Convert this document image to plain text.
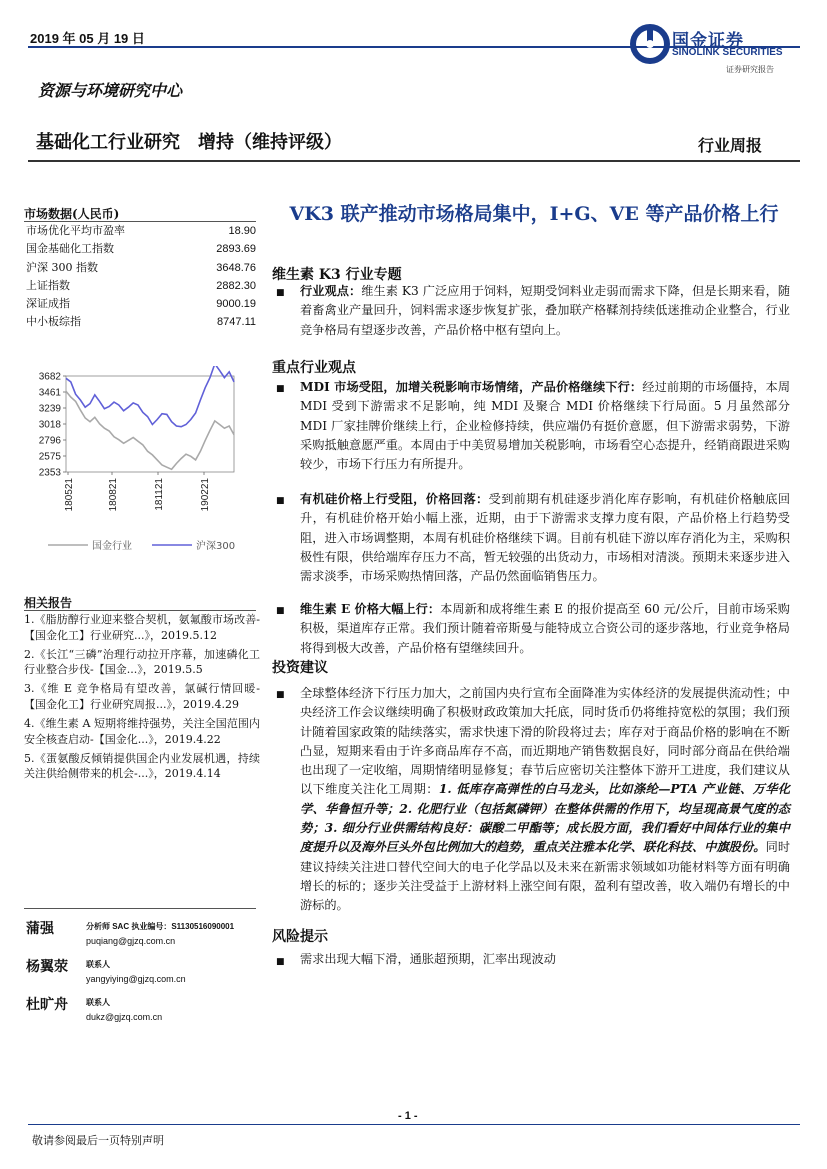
2019 年 05 月 19 日	国金证券
SINOLINK SECURITIES
证券研究报告
资源与环境研究中心
基础化工行业研究　增持（维持评级）	行业周报
市场数据(人民币)
市场优化平均市盈率	18.90
国金基础化工指数	2893.69
沪深 300 指数	3648.76
上证指数	2882.30
深证成指	9000.19
中小板综指	8747.11
3682
3461
3239
3018
2796
2575
2353
180521	180821	181121	190221
国金行业	沪深300
相关报告
1.《脂肪醇行业迎来整合契机，氨氟酸市场改善-【国金化工】行业研究...》，2019.5.12
2.《长江“三磷”治理行动拉开序幕，加速磷化工行业整合步伐-【国金...》，2019.5.5
3.《维 E 竞争格局有望改善，氯碱行情回暖-【国金化工】行业研究周报...》，2019.4.29
4.《维生素 A 短期将维持强势，关注全国范围内安全核查启动-【国金化...》，2019.4.22
5.《蛋氨酸反倾销提供国企内业发展机遇，持续关注供给侧带来的机会-...》，2019.4.14
蒲强	分析师 SAC 执业编号：S1130516090001
puqiang@gjzq.com.cn
杨翼荥 联系人
yangyiying@gjzq.com.cn
杜旷舟 联系人
dukz@gjzq.com.cn
VK3 联产推动市场格局集中，I+G、VE 等产品价格上行
维生素 K3 行业专题
■ 行业观点：维生素 K3 广泛应用于饲料，短期受饲料业走弱而需求下降，但是长期来看，随着畜禽业产量回升，饲料需求逐步恢复扩张，叠加联产格鞣剂持续低迷推动企业整合，行业竞争格局有望逐步改善，产品价格中枢有望向上。
重点行业观点
■ MDI 市场受阻，加增关税影响市场情绪，产品价格继续下行：经过前期的市场僵持，本周 MDI 受到下游需求不足影响，纯 MDI 及聚合 MDI 价格继续下行局面。5 月虽然部分 MDI 厂家挂牌价继续上行，企业检修持续，供应端仍有挺价意愿，但下游需求弱势，下游采购抵触意愿严重。本周由于中美贸易增加关税影响，市场看空心态提升，经销商跟进采购较少，市场下行压力有所提升。
■ 有机硅价格上行受阻，价格回落：受到前期有机硅逐步消化库存影响，有机硅价格触底回升，有机硅价格开始小幅上涨，近期，由于下游需求支撑力度有限，产品价格上行趋势受阻，进入市场调整期，本周有机硅价格继续下调。目前有机硅下游以库存消化为主，采购积极性有限，供给端库存压力不高，暂无较强的出货动力，市场相对清淡。预期未来逐步进入需求淡季，市场采购热情回落，产品仍然面临销售压力。
■ 维生素 E 价格大幅上行：本周新和成将维生素 E 的报价提高至 60 元/公斤，目前市场采购积极，渠道库存正常。我们预计随着帝斯曼与能特成立合资公司的逐步落地，行业竞争格局将得到极大改善，产品价格有望继续回升。
投资建议
■ 全球整体经济下行压力加大，之前国内央行宣布全面降准为实体经济的发展提供流动性；中央经济工作会议继续明确了积极财政政策加大托底，同时货币仍将维持宽松的氛围；我们预计随着国家政策的陆续落实，需求快速下滑的阶段将过去；库存对于商品价格的影响在不断凸显，短期来看由于许多商品库存不高，而近期地产销售数据良好，同时部分商品在供给端也出现了一定收缩，周期情绪明显修复；春节后应密切关注整体下游开工进度，我们建议从以下维度关注化工周期：1. 低库存高弹性的白马龙头，比如涤纶—PTA 产业链、万华化学、华鲁恒升等；2. 化肥行业（包括氮磷钾）在整体供需的作用下，均呈现高景气度的态势；3. 细分行业供需结构良好：碳酸二甲酯等；成长股方面，我们看好中间体行业的集中度提升以及海外巨头外包比例加大的趋势，重点关注雅本化学、联化科技、中旗股份。同时建议持续关注进口替代空间大的电子化学品以及未来在新需求领域如功能材料等方面有明确增长的标的；逐步关注受益于上游材料上涨空间有限，盈利有望改善，收入端仍有增长的中游标的。
风险提示
■ 需求出现大幅下滑，通胀超预期，汇率出现波动
- 1 -
敬请参阅最后一页特别声明
